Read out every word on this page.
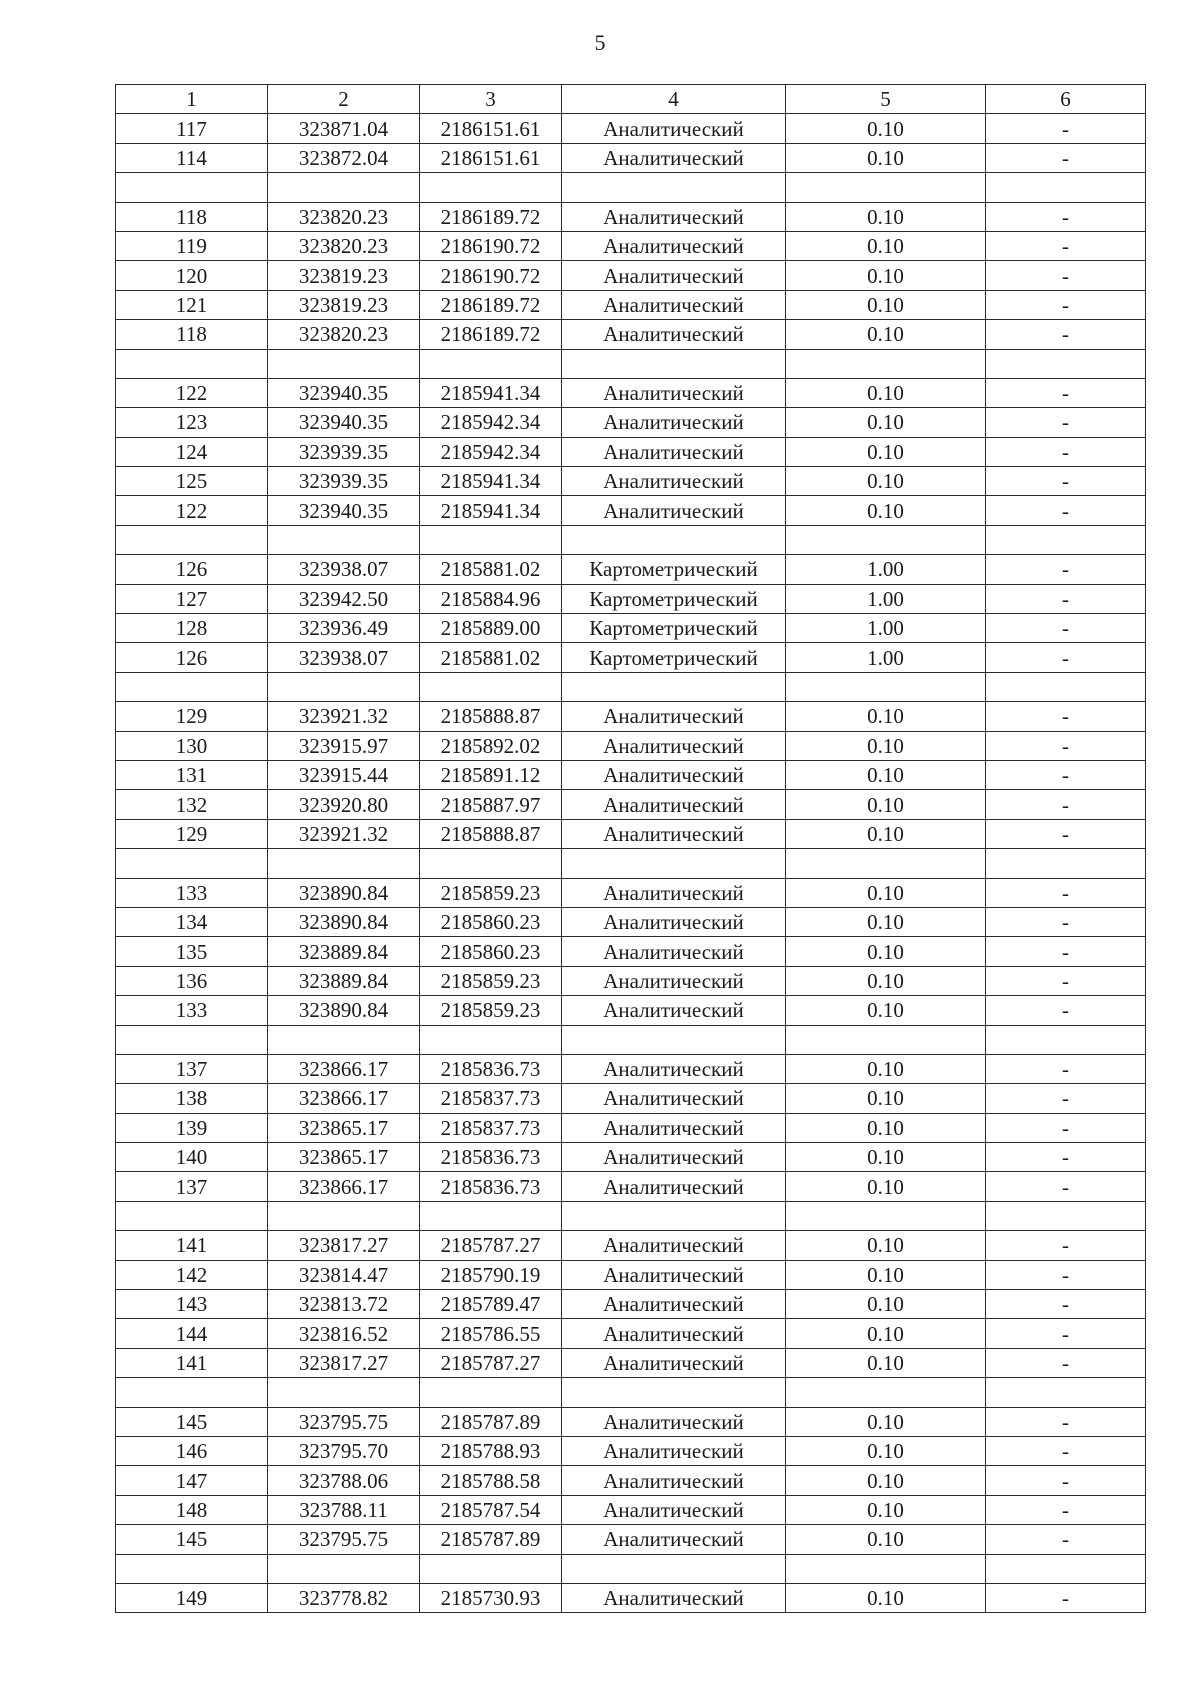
5
1	2	3	4	5	6
117	323871.04	2186151.61	Аналитический	0.10	-
114	323872.04	2186151.61	Аналитический	0.10	-

118	323820.23	2186189.72	Аналитический	0.10	-
119	323820.23	2186190.72	Аналитический	0.10	-
120	323819.23	2186190.72	Аналитический	0.10	-
121	323819.23	2186189.72	Аналитический	0.10	-
118	323820.23	2186189.72	Аналитический	0.10	-

122	323940.35	2185941.34	Аналитический	0.10	-
123	323940.35	2185942.34	Аналитический	0.10	-
124	323939.35	2185942.34	Аналитический	0.10	-
125	323939.35	2185941.34	Аналитический	0.10	-
122	323940.35	2185941.34	Аналитический	0.10	-

126	323938.07	2185881.02	Картометрический	1.00	-
127	323942.50	2185884.96	Картометрический	1.00	-
128	323936.49	2185889.00	Картометрический	1.00	-
126	323938.07	2185881.02	Картометрический	1.00	-

129	323921.32	2185888.87	Аналитический	0.10	-
130	323915.97	2185892.02	Аналитический	0.10	-
131	323915.44	2185891.12	Аналитический	0.10	-
132	323920.80	2185887.97	Аналитический	0.10	-
129	323921.32	2185888.87	Аналитический	0.10	-

133	323890.84	2185859.23	Аналитический	0.10	-
134	323890.84	2185860.23	Аналитический	0.10	-
135	323889.84	2185860.23	Аналитический	0.10	-
136	323889.84	2185859.23	Аналитический	0.10	-
133	323890.84	2185859.23	Аналитический	0.10	-

137	323866.17	2185836.73	Аналитический	0.10	-
138	323866.17	2185837.73	Аналитический	0.10	-
139	323865.17	2185837.73	Аналитический	0.10	-
140	323865.17	2185836.73	Аналитический	0.10	-
137	323866.17	2185836.73	Аналитический	0.10	-

141	323817.27	2185787.27	Аналитический	0.10	-
142	323814.47	2185790.19	Аналитический	0.10	-
143	323813.72	2185789.47	Аналитический	0.10	-
144	323816.52	2185786.55	Аналитический	0.10	-
141	323817.27	2185787.27	Аналитический	0.10	-

145	323795.75	2185787.89	Аналитический	0.10	-
146	323795.70	2185788.93	Аналитический	0.10	-
147	323788.06	2185788.58	Аналитический	0.10	-
148	323788.11	2185787.54	Аналитический	0.10	-
145	323795.75	2185787.89	Аналитический	0.10	-

149	323778.82	2185730.93	Аналитический	0.10	-
